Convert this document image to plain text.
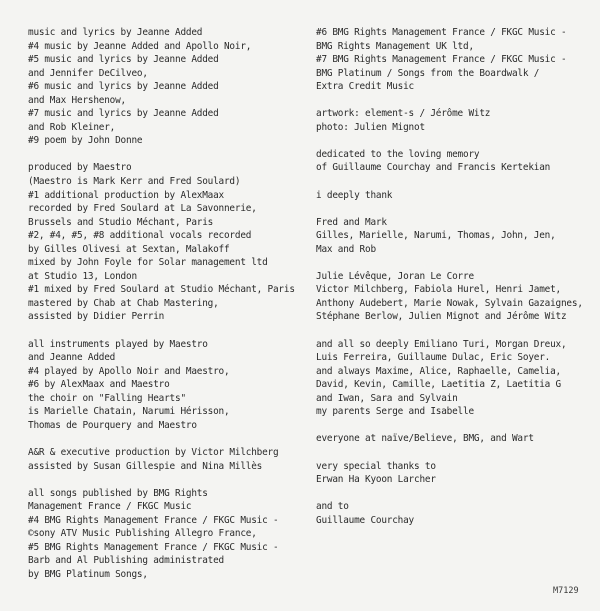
music and lyrics by Jeanne Added
#4 music by Jeanne Added and Apollo Noir,
#5 music and lyrics by Jeanne Added
and Jennifer DeCilveo,
#6 music and lyrics by Jeanne Added
and Max Hershenow,
#7 music and lyrics by Jeanne Added
and Rob Kleiner,
#9 poem by John Donne
produced by Maestro
(Maestro is Mark Kerr and Fred Soulard)
#1 additional production by AlexMaax
recorded by Fred Soulard at La Savonnerie,
Brussels and Studio Méchant, Paris
#2, #4, #5, #8 additional vocals recorded
by Gilles Olivesi at Sextan, Malakoff
mixed by John Foyle for Solar management ltd
at Studio 13, London
#1 mixed by Fred Soulard at Studio Méchant, Paris
mastered by Chab at Chab Mastering,
assisted by Didier Perrin
all instruments played by Maestro
and Jeanne Added
#4 played by Apollo Noir and Maestro,
#6 by AlexMaax and Maestro
the choir on "Falling Hearts"
is Marielle Chatain, Narumi Hérisson,
Thomas de Pourquery and Maestro
A&R & executive production by Victor Milchberg
assisted by Susan Gillespie and Nina Millès
all songs published by BMG Rights
Management France / FKGC Music
#4 BMG Rights Management France / FKGC Music -
©sony ATV Music Publishing Allegro France,
#5 BMG Rights Management France / FKGC Music -
Barb and Al Publishing administrated
by BMG Platinum Songs,
#6 BMG Rights Management France / FKGC Music -
BMG Rights Management UK ltd,
#7 BMG Rights Management France / FKGC Music -
BMG Platinum / Songs from the Boardwalk /
Extra Credit Music
artwork: element-s / Jérôme Witz
photo: Julien Mignot
dedicated to the loving memory
of Guillaume Courchay and Francis Kertekian
i deeply thank
Fred and Mark
Gilles, Marielle, Narumi, Thomas, John, Jen,
Max and Rob
Julie Lévêque, Joran Le Corre
Victor Milchberg, Fabiola Hurel, Henri Jamet,
Anthony Audebert, Marie Nowak, Sylvain Gazaignes,
Stéphane Berlow, Julien Mignot and Jérôme Witz
and all so deeply Emiliano Turi, Morgan Dreux,
Luis Ferreira, Guillaume Dulac, Eric Soyer.
and always Maxime, Alice, Raphaelle, Camelia,
David, Kevin, Camille, Laetitia Z, Laetitia G
and Iwan, Sara and Sylvain
my parents Serge and Isabelle
everyone at naïve/Believe, BMG, and Wart
very special thanks to
Erwan Ha Kyoon Larcher
and to
Guillaume Courchay
M7129
